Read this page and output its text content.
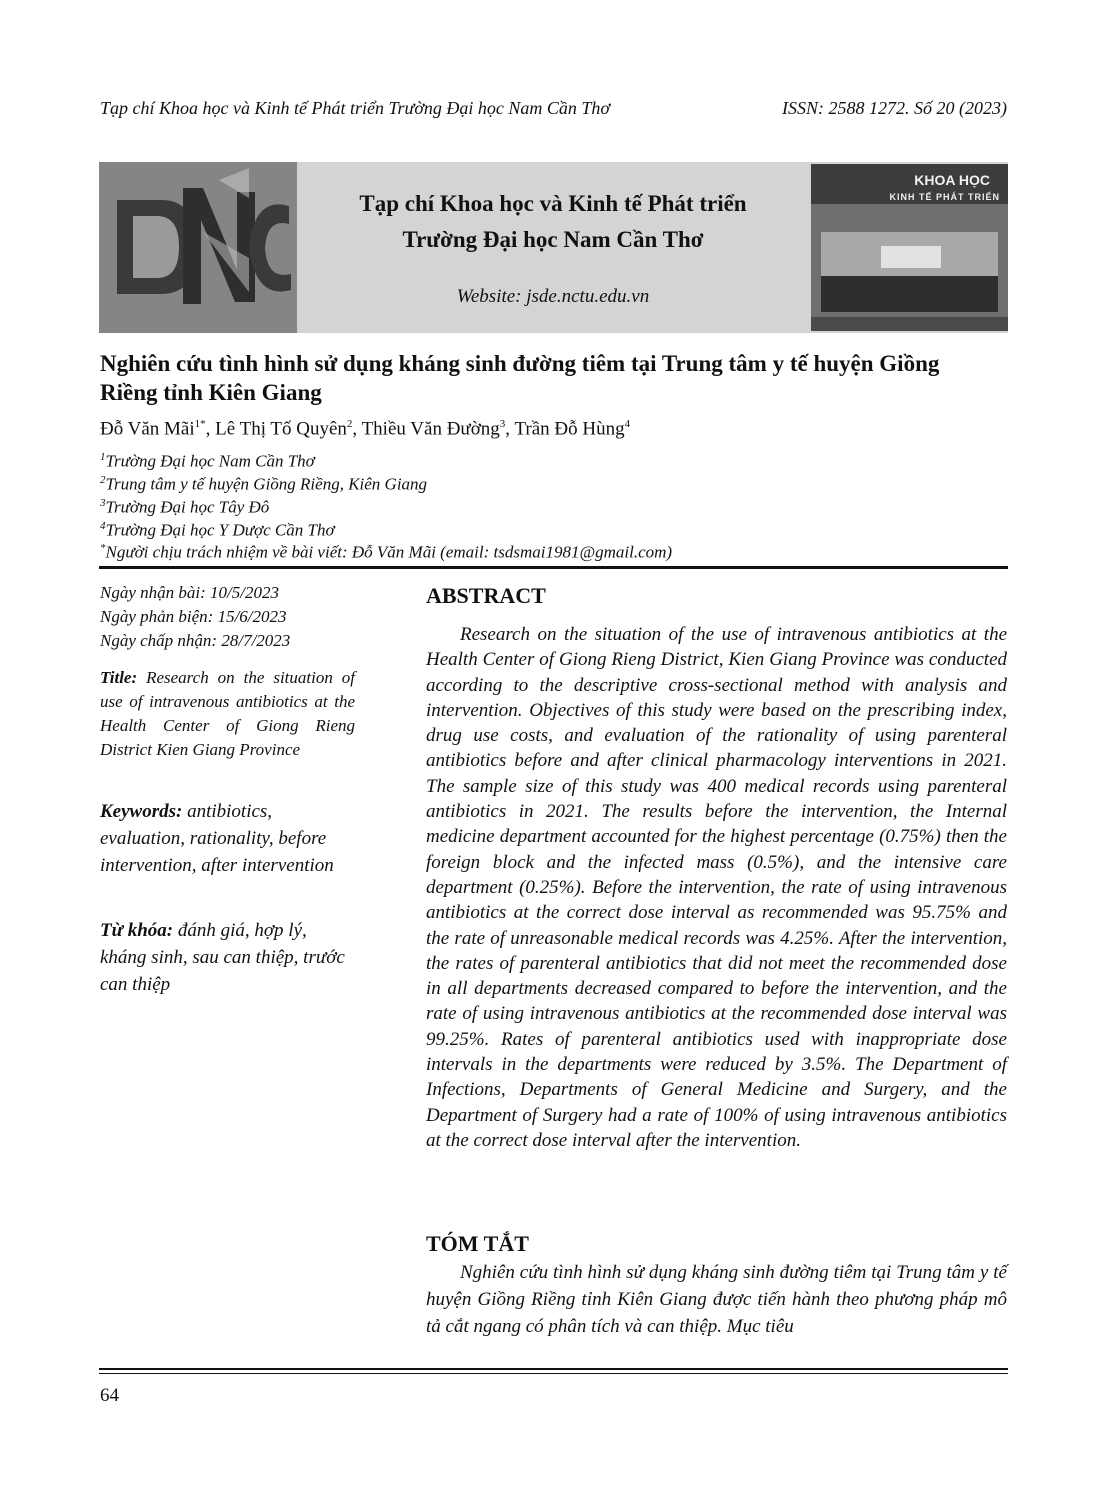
Tạp chí Khoa học và Kinh tế Phát triển Trường Đại học Nam Cần Thơ	ISSN: 2588 1272. Số 20 (2023)
Tạp chí Khoa học và Kinh tế Phát triển
Trường Đại học Nam Cần Thơ
Website: jsde.nctu.edu.vn
KHOA HỌC
KINH TẾ PHÁT TRIỂN
Nghiên cứu tình hình sử dụng kháng sinh đường tiêm tại Trung tâm y tế huyện Giồng Riềng tỉnh Kiên Giang
Đỗ Văn Mãi$^{1*}$, Lê Thị Tố Quyên$^2$, Thiều Văn Đường$^3$, Trần Đỗ Hùng$^4$
$^1$Trường Đại học Nam Cần Thơ
$^2$Trung tâm y tế huyện Giồng Riềng, Kiên Giang
$^3$Trường Đại học Tây Đô
$^4$Trường Đại học Y Dược Cần Thơ
*Người chịu trách nhiệm về bài viết: Đỗ Văn Mãi (email: tsdsmai1981@gmail.com)
Ngày nhận bài: 10/5/2023
Ngày phản biện: 15/6/2023
Ngày chấp nhận: 28/7/2023
Title: Research on the situation of use of intravenous antibiotics at the Health Center of Giong Rieng District Kien Giang Province
Keywords: antibiotics, evaluation, rationality, before intervention, after intervention
Từ khóa: đánh giá, hợp lý, kháng sinh, sau can thiệp, trước can thiệp
ABSTRACT
Research on the situation of the use of intravenous antibiotics at the Health Center of Giong Rieng District, Kien Giang Province was conducted according to the descriptive cross-sectional method with analysis and intervention. Objectives of this study were based on the prescribing index, drug use costs, and evaluation of the rationality of using parenteral antibiotics before and after clinical pharmacology interventions in 2021. The sample size of this study was 400 medical records using parenteral antibiotics in 2021. The results before the intervention, the Internal medicine department accounted for the highest percentage (0.75%) then the foreign block and the infected mass (0.5%), and the intensive care department (0.25%). Before the intervention, the rate of using intravenous antibiotics at the correct dose interval as recommended was 95.75% and the rate of unreasonable medical records was 4.25%. After the intervention, the rates of parenteral antibiotics that did not meet the recommended dose in all departments decreased compared to before the intervention, and the rate of using intravenous antibiotics at the recommended dose interval was 99.25%. Rates of parenteral antibiotics used with inappropriate dose intervals in the departments were reduced by 3.5%. The Department of Infections, Departments of General Medicine and Surgery, and the Department of Surgery had a rate of 100% of using intravenous antibiotics at the correct dose interval after the intervention.
TÓM TẮT
Nghiên cứu tình hình sử dụng kháng sinh đường tiêm tại Trung tâm y tế huyện Giồng Riềng tỉnh Kiên Giang được tiến hành theo phương pháp mô tả cắt ngang có phân tích và can thiệp. Mục tiêu
64
